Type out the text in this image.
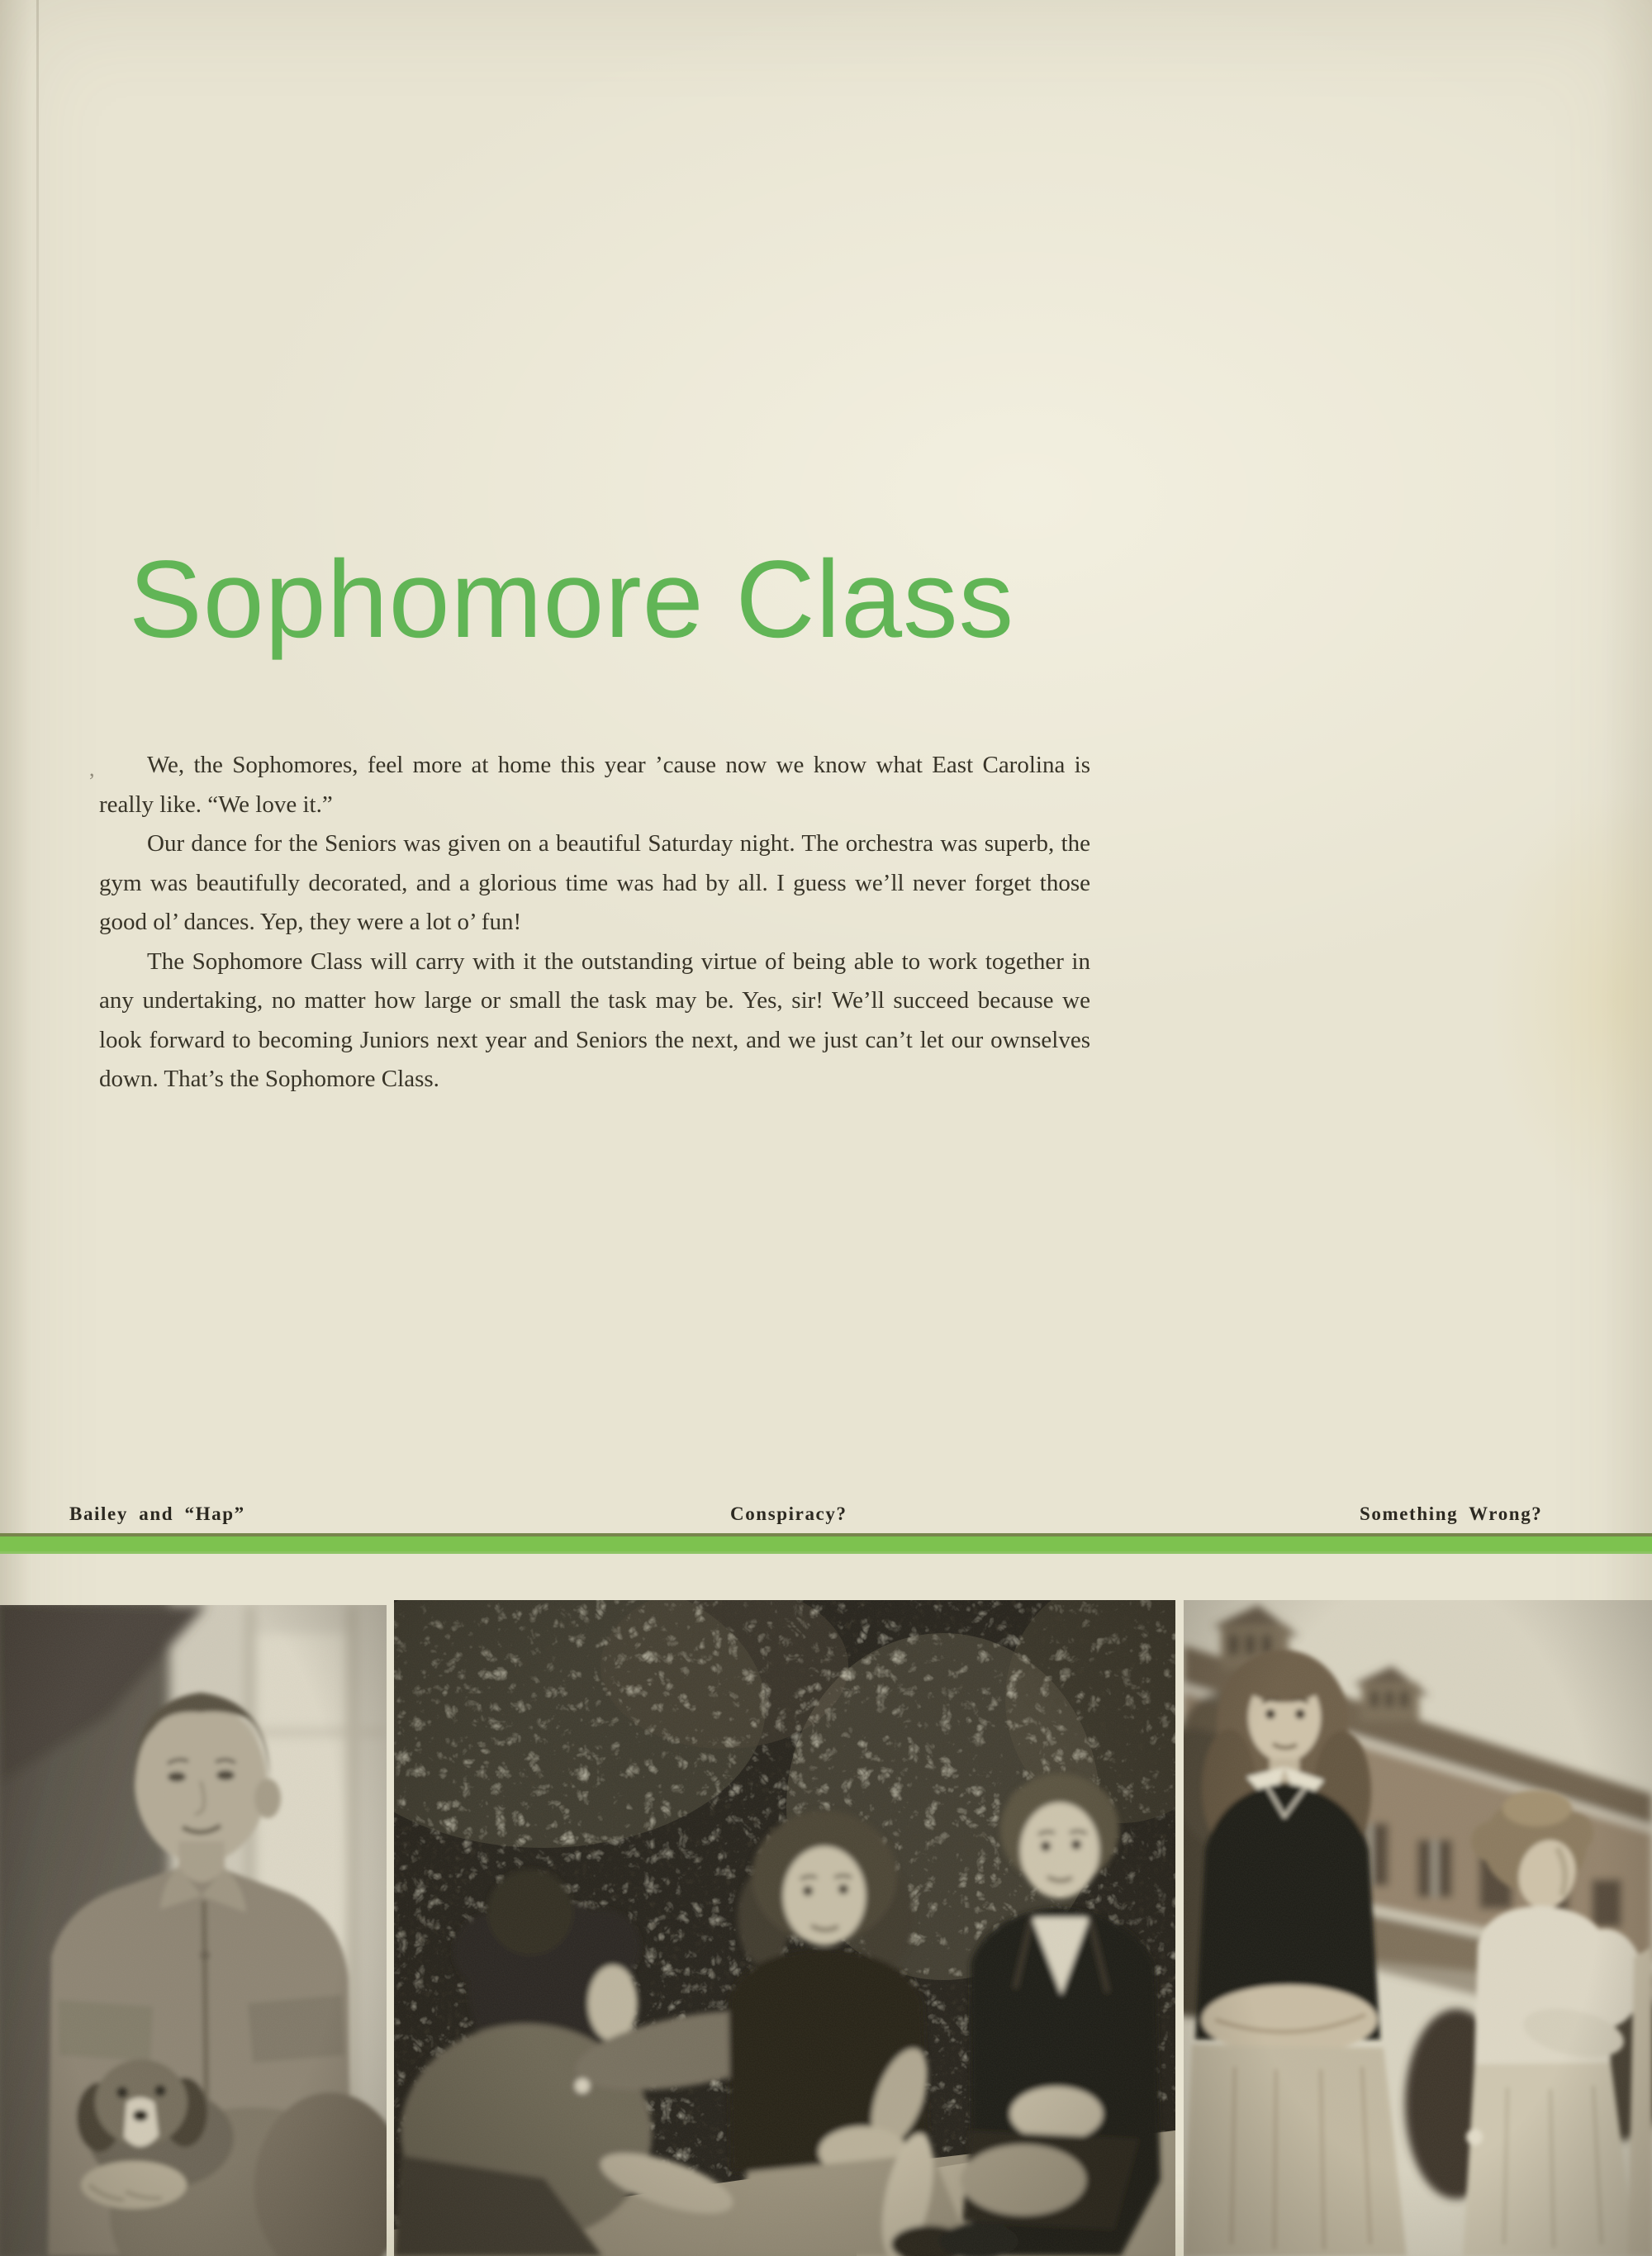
Sophomore Class
,	We, the Sophomores, feel more at home this year ’cause now we know what East Carolina is really like. “We love it.”

Our dance for the Seniors was given on a beautiful Saturday night. The orchestra was superb, the gym was beautifully decorated, and a glorious time was had by all. I guess we’ll never forget those good ol’ dances. Yep, they were a lot o’ fun!

The Sophomore Class will carry with it the outstanding virtue of being able to work together in any undertaking, no matter how large or small the task may be. Yes, sir! We’ll succeed because we look forward to becoming Juniors next year and Seniors the next, and we just can’t let our ownselves down. That’s the Sophomore Class.

Bailey and “Hap”	Conspiracy?	Something Wrong?
